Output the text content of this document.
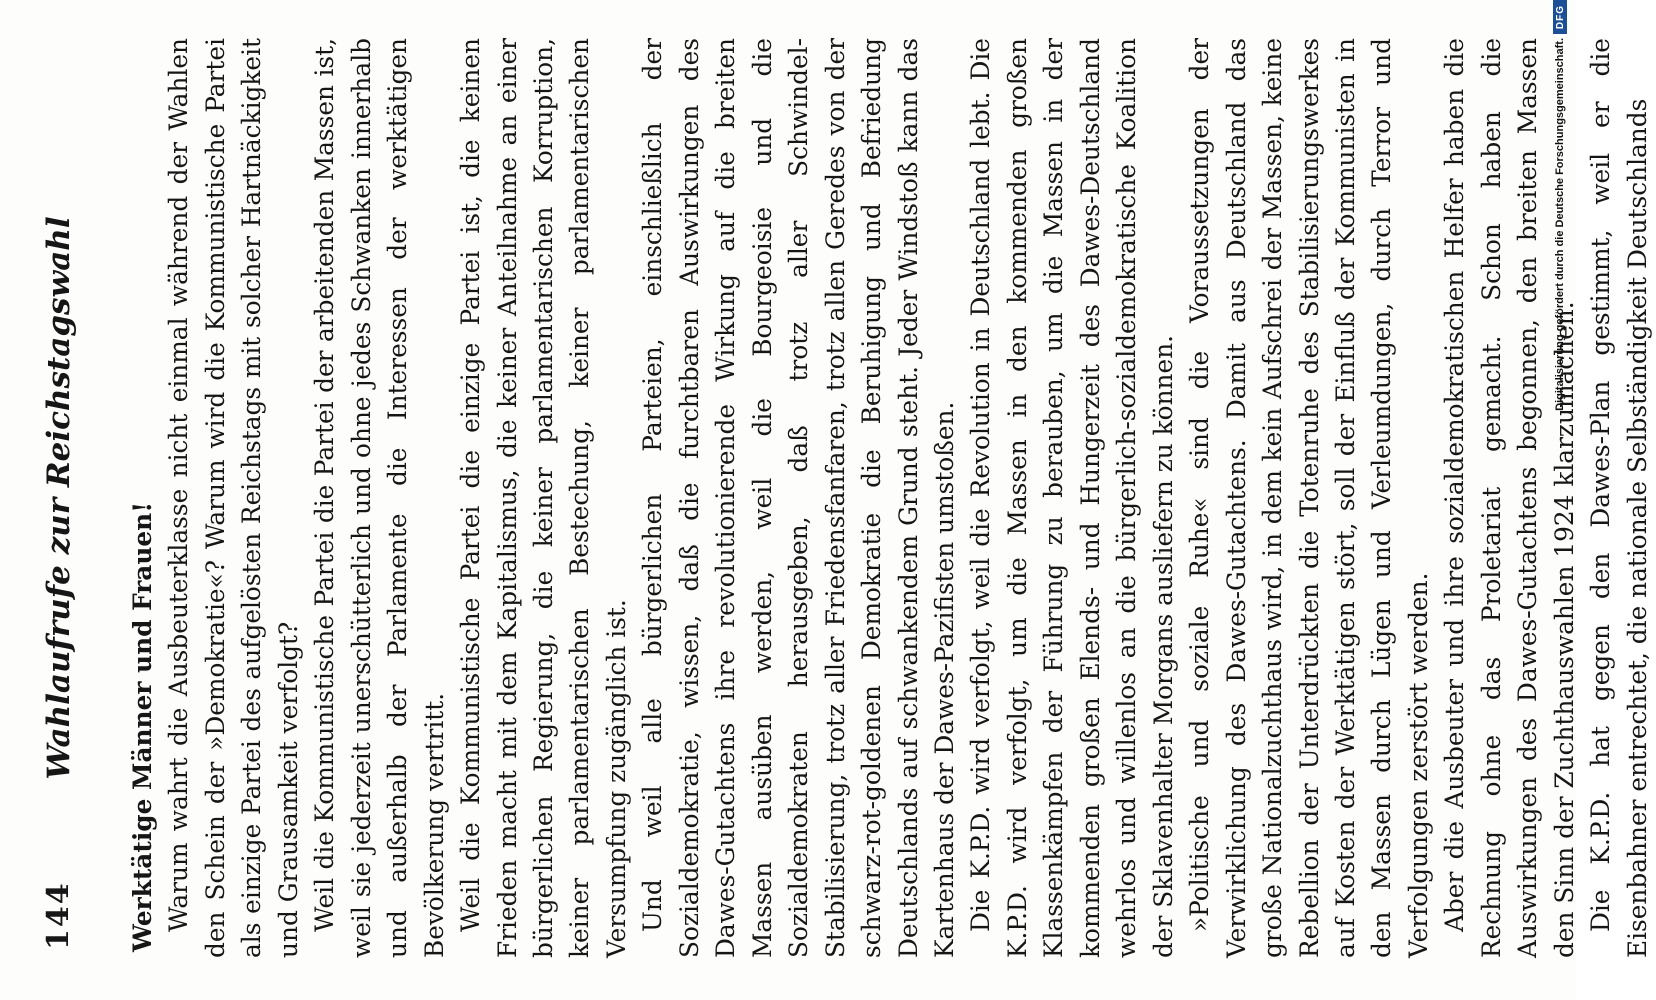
144
Wahlaufrufe zur Reichstagswahl Werktätige Männer und Frauen! Warum wahrt die Ausbeuterklasse nicht einmal während der Wahlen den Schein der »Demokratie«? Warum wird die Kommunistische Partei als einzige Partei des aufgelösten Reichstags mit solcher Hartnäckigkeit und Grausamkeit verfolgt? Weil die Kommunistische Partei die Partei der arbeitenden Massen ist, weil sie jederzeit unerschütterlich und ohne jedes Schwanken innerhalb und außerhalb der Parlamente die Interessen der werktätigen Bevölkerung vertritt. Weil die Kommunistische Partei die einzige Partei ist, die keinen Frieden macht mit dem Kapitalismus, die keiner Anteilnahme an einer bürgerlichen Regierung, die keiner parlamentarischen Korruption, keiner parlamentarischen Bestechung, keiner parlamentarischen Versumpfung zugänglich ist. Und weil alle bürgerlichen Parteien, einschließlich der Sozialdemokratie, wissen, daß die furchtbaren Auswirkungen des Dawes-Gutachtens ihre revolutionierende Wirkung auf die breiten Massen ausüben werden, weil die Bourgeoisie und die Sozialdemokraten herausgeben, daß trotz aller Schwindel-Stabilisierung, trotz aller Friedensfanfaren, trotz allen Geredes von der schwarz-rot-goldenen Demokratie die Beruhigung und Befriedung Deutschlands auf schwankendem Grund steht. Jeder Windstoß kann das Kartenhaus der Dawes-Pazifisten umstoßen. Die K.P.D. wird verfolgt, weil die Revolution in Deutschland lebt. Die K.P.D. wird verfolgt, um die Massen in den kommenden großen Klassenkämpfen der Führung zu berauben, um die Massen in der kommenden großen Elends- und Hungerzeit des Dawes-Deutschland wehrlos und willenlos an die bürgerlich-sozialdemokratische Koalition der Sklavenhalter Morgans ausliefern zu können. »Politische und soziale Ruhe« sind die Voraussetzungen der Verwirklichung des Dawes-Gutachtens. Damit aus Deutschland das große Nationalzuchthaus wird, in dem kein Aufschrei der Massen, keine Rebellion der Unterdrückten die Totenruhe des Stabilisierungswerkes auf Kosten der Werktätigen stört, soll der Einfluß der Kommunisten in den Massen durch Lügen und Verleumdungen, durch Terror und Verfolgungen zerstört werden. Aber die Ausbeuter und ihre sozialdemokratischen Helfer haben die Rechnung ohne das Proletariat gemacht. Schon haben die Auswirkungen des Dawes-Gutachtens begonnen, den breiten Massen den Sinn der Zuchthauswahlen 1924 klarzumachen. Die K.P.D. hat gegen den Dawes-Plan gestimmt, weil er die Eisenbahner entrechtet, die nationale Selbständigkeit Deutschlands

Digitalisierung gefördert durch die Deutsche Forschungsgemeinschaft.
DFG
